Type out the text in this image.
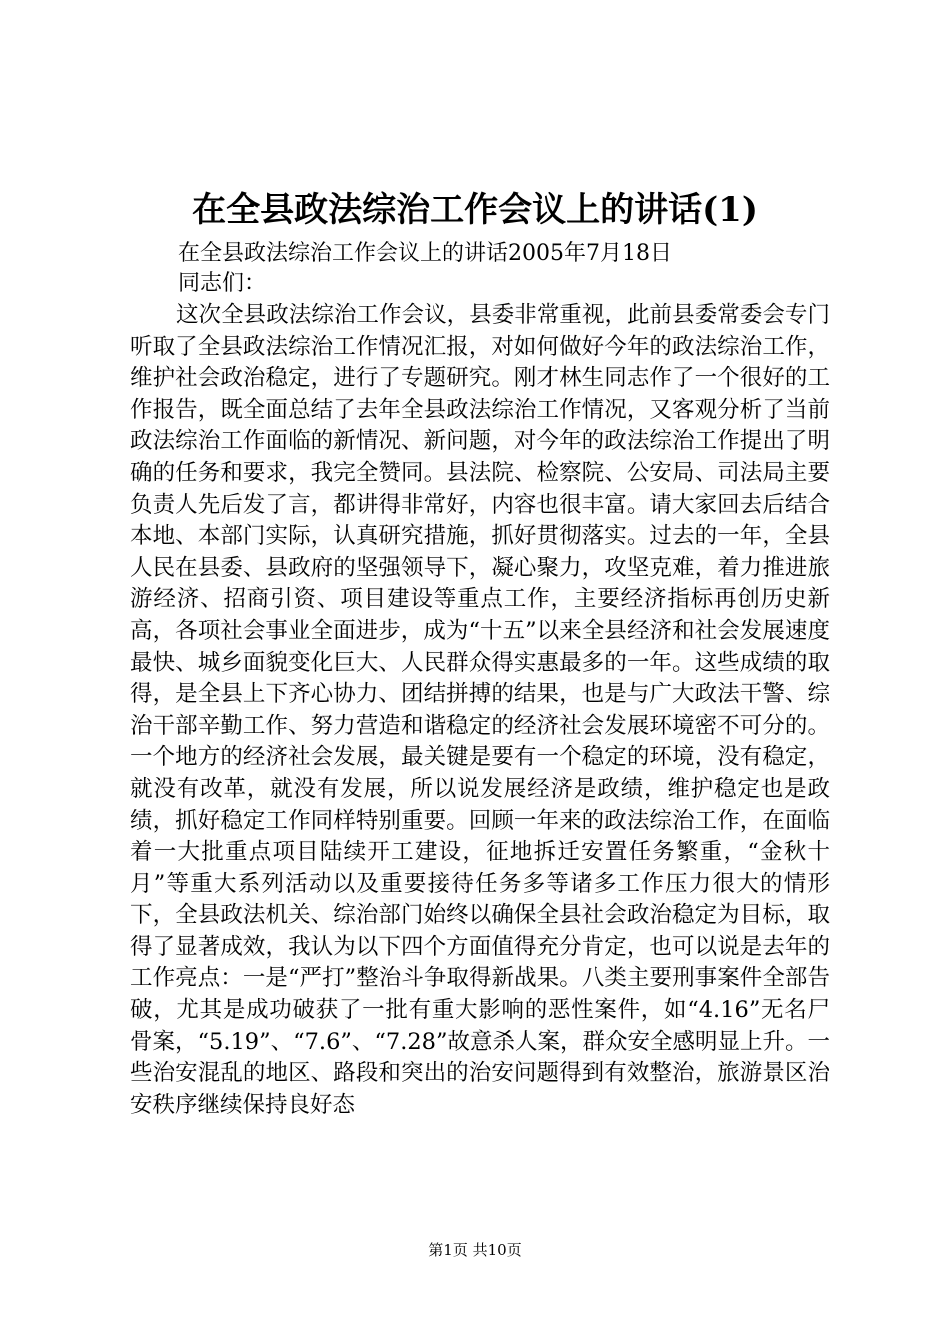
在全县政法综治工作会议上的讲话(1)
在全县政法综治工作会议上的讲话2005年7月18日
同志们：

这次全县政法综治工作会议，县委非常重视，此前县委常委会专门听取了全县政法综治工作情况汇报，对如何做好今年的政法综治工作，维护社会政治稳定，进行了专题研究。刚才林生同志作了一个很好的工作报告，既全面总结了去年全县政法综治工作情况，又客观分析了当前政法综治工作面临的新情况、新问题，对今年的政法综治工作提出了明确的任务和要求，我完全赞同。县法院、检察院、公安局、司法局主要负责人先后发了言，都讲得非常好，内容也很丰富。请大家回去后结合本地、本部门实际，认真研究措施，抓好贯彻落实。过去的一年，全县人民在县委、县政府的坚强领导下，凝心聚力，攻坚克难，着力推进旅游经济、招商引资、项目建设等重点工作，主要经济指标再创历史新高，各项社会事业全面进步，成为“十五”以来全县经济和社会发展速度最快、城乡面貌变化巨大、人民群众得实惠最多的一年。这些成绩的取得，是全县上下齐心协力、团结拼搏的结果，也是与广大政法干警、综治干部辛勤工作、努力营造和谐稳定的经济社会发展环境密不可分的。一个地方的经济社会发展，最关键是要有一个稳定的环境，没有稳定，就没有改革，就没有发展，所以说发展经济是政绩，维护稳定也是政绩，抓好稳定工作同样特别重要。回顾一年来的政法综治工作，在面临着一大批重点项目陆续开工建设，征地拆迁安置任务繁重，“金秋十月”等重大系列活动以及重要接待任务多等诸多工作压力很大的情形下，全县政法机关、综治部门始终以确保全县社会政治稳定为目标，取得了显著成效，我认为以下四个方面值得充分肯定，也可以说是去年的工作亮点：一是“严打”整治斗争取得新战果。八类主要刑事案件全部告破，尤其是成功破获了一批有重大影响的恶性案件，如“4.16”无名尸骨案，“5.19”、“7.6”、“7.28”故意杀人案，群众安全感明显上升。一些治安混乱的地区、路段和突出的治安问题得到有效整治，旅游景区治安秩序继续保持良好态

第1页 共10页
